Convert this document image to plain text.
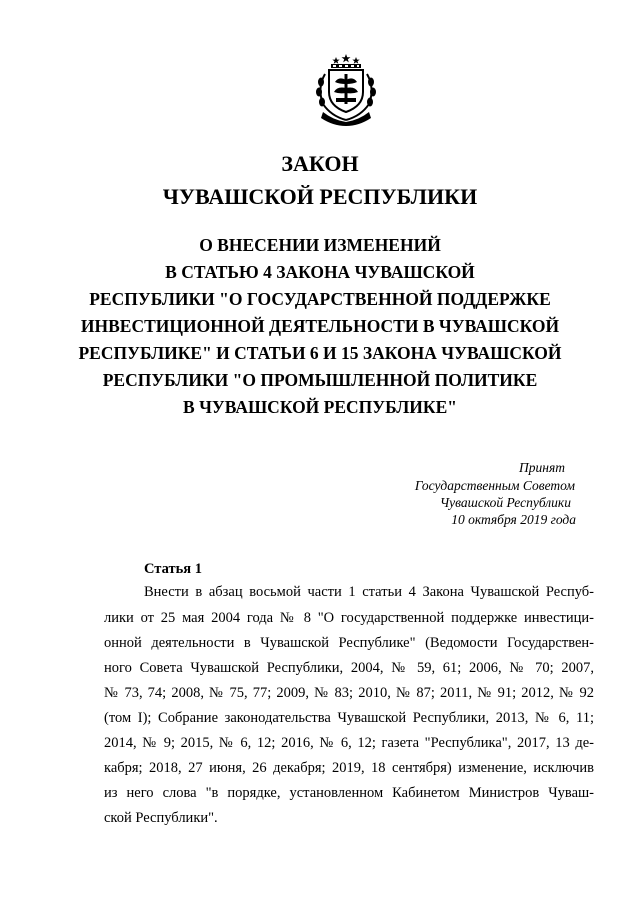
ЗАКОН
ЧУВАШСКОЙ РЕСПУБЛИКИ
О ВНЕСЕНИИ ИЗМЕНЕНИЙ
В СТАТЬЮ 4 ЗАКОНА ЧУВАШСКОЙ
РЕСПУБЛИКИ "О ГОСУДАРСТВЕННОЙ ПОДДЕРЖКЕ
ИНВЕСТИЦИОННОЙ ДЕЯТЕЛЬНОСТИ В ЧУВАШСКОЙ
РЕСПУБЛИКЕ" И СТАТЬИ 6 И 15 ЗАКОНА ЧУВАШСКОЙ
РЕСПУБЛИКИ "О ПРОМЫШЛЕННОЙ ПОЛИТИКЕ
В ЧУВАШСКОЙ РЕСПУБЛИКЕ"
Принят
Государственным Советом
Чувашской Республики
10 октября 2019 года
Статья 1
Внести в абзац восьмой части 1 статьи 4 Закона Чувашской Респуб-
лики от 25 мая 2004 года № 8 "О государственной поддержке инвестици-
онной деятельности в Чувашской Республике" (Ведомости Государствен-
ного Совета Чувашской Республики, 2004, № 59, 61; 2006, № 70; 2007,
№ 73, 74; 2008, № 75, 77; 2009, № 83; 2010, № 87; 2011, № 91; 2012, № 92
(том I); Собрание законодательства Чувашской Республики, 2013, № 6, 11;
2014, № 9; 2015, № 6, 12; 2016, № 6, 12; газета "Республика", 2017, 13 де-
кабря; 2018, 27 июня, 26 декабря; 2019, 18 сентября) изменение, исключив
из него слова "в порядке, установленном Кабинетом Министров Чуваш-
ской Республики".
